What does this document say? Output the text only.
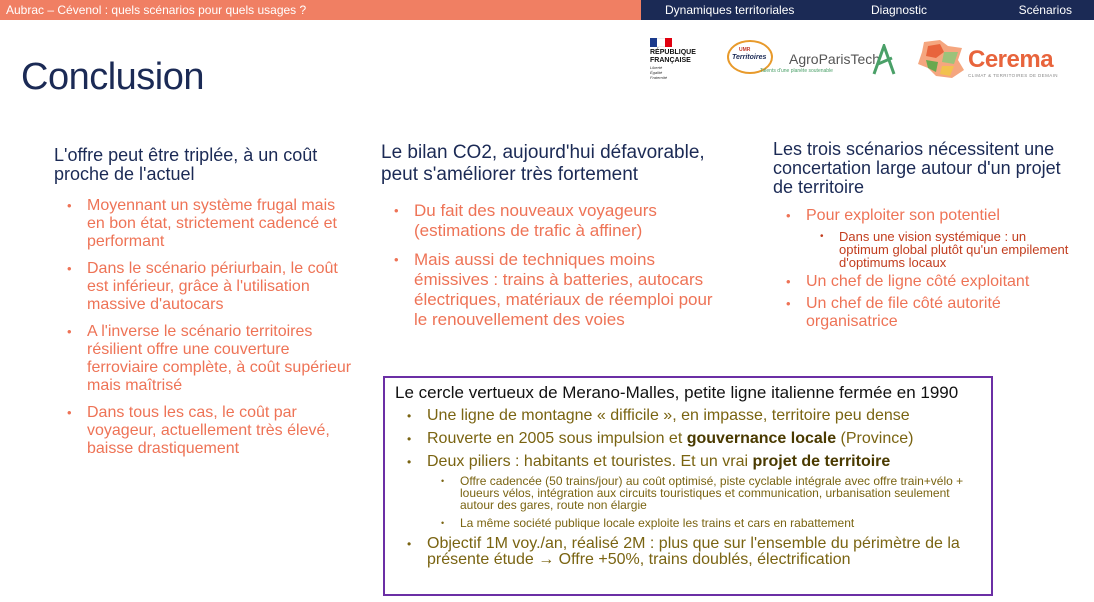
Aubrac – Cévenol : quels scénarios pour quels usages ?	Dynamiques territoriales	Diagnostic	Scénarios
Conclusion
RÉPUBLIQUE
FRANÇAISE
Liberté
Égalité
Fraternité
UMR
Territoires AgroParisTech
Talents d'une planète soutenable	Cerema
CLIMAT & TERRITOIRES DE DEMAIN
L'offre peut être triplée, à un coût proche de l'actuel
• Moyennant un système frugal mais en bon état, strictement cadencé et performant
• Dans le scénario périurbain, le coût est inférieur, grâce à l'utilisation massive d'autocars
• A l'inverse le scénario territoires résilient offre une couverture ferroviaire complète, à coût supérieur mais maîtrisé
• Dans tous les cas, le coût par voyageur, actuellement très élevé, baisse drastiquement
Le bilan CO2, aujourd'hui défavorable, peut s'améliorer très fortement
• Du fait des nouveaux voyageurs (estimations de trafic à affiner)
• Mais aussi de techniques moins émissives : trains à batteries, autocars électriques, matériaux de réemploi pour le renouvellement des voies
Les trois scénarios nécessitent une concertation large autour d'un projet de territoire
• Pour exploiter son potentiel
• Dans une vision systémique : un optimum global plutôt qu'un empilement d'optimums locaux
• Un chef de ligne côté exploitant
• Un chef de file côté autorité organisatrice
Le cercle vertueux de Merano-Malles, petite ligne italienne fermée en 1990
• Une ligne de montagne « difficile », en impasse, territoire peu dense
• Rouverte en 2005 sous impulsion et gouvernance locale (Province)
• Deux piliers : habitants et touristes. Et un vrai projet de territoire
• Offre cadencée (50 trains/jour) au coût optimisé, piste cyclable intégrale avec offre train+vélo + loueurs vélos, intégration aux circuits touristiques et communication, urbanisation seulement autour des gares, route non élargie
• La même société publique locale exploite les trains et cars en rabattement
• Objectif 1M voy./an, réalisé 2M : plus que sur l'ensemble du périmètre de la présente étude → Offre +50%, trains doublés, électrification
